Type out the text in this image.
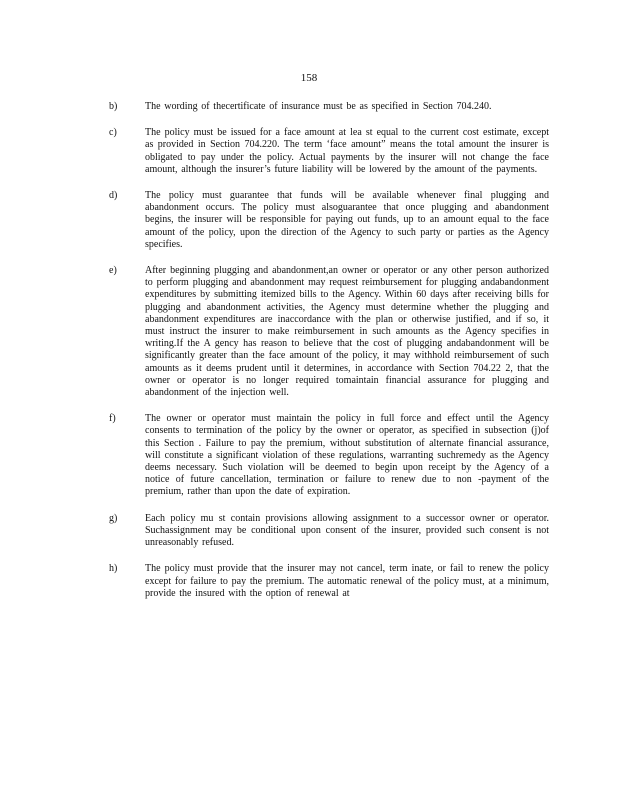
158
b)	The wording of thecertificate of insurance must be as specified in Section 704.240.

c)	The policy must be issued for a face amount at lea st equal to the current cost estimate, except as provided in Section 704.220. The term ‘face amount” means the total amount the insurer is obligated to pay under the policy. Actual payments by the insurer will not change the face amount, although the insurer’s future liability will be lowered by the amount of the payments.

d)	The policy must guarantee that funds will be available whenever final plugging and abandonment occurs. The policy must alsoguarantee that once plugging and abandonment begins, the insurer will be responsible for paying out funds, up to an amount equal to the face amount of the policy, upon the direction of the Agency to such party or parties as the Agency specifies.

e)	After beginning plugging and abandonment,an owner or operator or any other person authorized to perform plugging and abandonment may request reimbursement for plugging andabandonment expenditures by submitting itemized bills to the Agency. Within 60 days after receiving bills for plugging and abandonment activities, the Agency must determine whether the plugging and abandonment expenditures are inaccordance with the plan or otherwise justified, and if so, it must instruct the insurer to make reimbursement in such amounts as the Agency specifies in writing.If the A gency has reason to believe that the cost of plugging andabandonment will be significantly greater than the face amount of the policy, it may withhold reimbursement of such amounts as it deems prudent until it determines, in accordance with Section 704.22 2, that the owner or operator is no longer required tomaintain financial assurance for plugging and abandonment of the injection well.

f)	The owner or operator must maintain the policy in full force and effect until the Agency consents to termination of the policy by the owner or operator, as specified in subsection (j)of this Section . Failure to pay the premium, without substitution of alternate financial assurance, will constitute a significant violation of these regulations, warranting suchremedy as the Agency deems necessary. Such violation will be deemed to begin upon receipt by the Agency of a notice of future cancellation, termination or failure to renew due to non -payment of the premium, rather than upon the date of expiration.

g)	Each policy mu st contain provisions allowing assignment to a successor owner or operator. Suchassignment may be conditional upon consent of the insurer, provided such consent is not unreasonably refused.

h)	The policy must provide that the insurer may not cancel, term inate, or fail to renew the policy except for failure to pay the premium. The automatic renewal of the policy must, at a minimum, provide the insured with the option of renewal at
